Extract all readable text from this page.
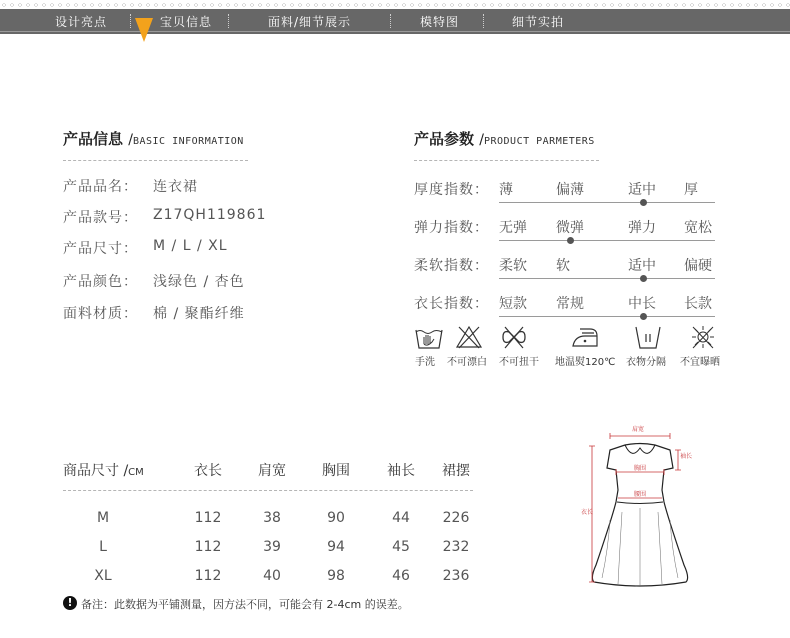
设计亮点	宝贝信息	面料/细节展示	模特图	细节实拍
产品信息 /BASIC INFORMATION
产品品名： 连衣裙
产品款号： Z17QH119861
产品尺寸： M / L / XL
产品颜色： 浅绿色 / 杏色
面料材质： 棉 / 聚酯纤维
产品参数 /PRODUCT PARMETERS
厚度指数： 薄	偏薄	适中 厚
弹力指数： 无弹 微弹	弹力 宽松
柔软指数： 柔软 软	适中 偏硬
衣长指数： 短款 常规	中长 长款
手洗 不可漂白 不可扭干 地温熨120℃ 衣物分隔 不宜曝晒
商品尺寸 /CM	衣长	肩宽	胸围	袖长	裙摆
M	112	38	90	44	226
L	112	39	94	45	232
XL	112	40	98	46	236
! 备注：此数据为平铺测量，因方法不同，可能会有 2-4cm 的误差。
肩宽
袖长
胸围
衣长
腰围
